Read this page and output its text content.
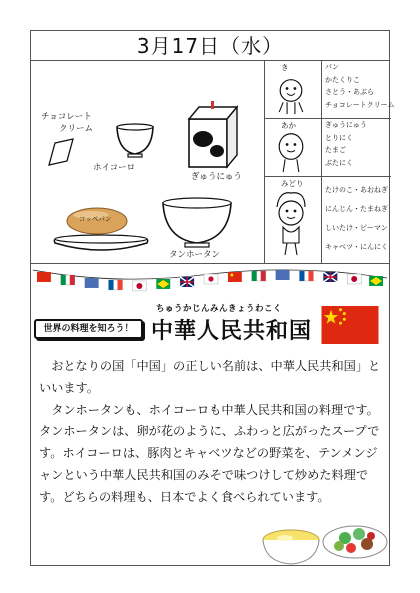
3月17日（水）
チョコレート
クリーム
ホイコーロ
ぎゅうにゅう
コッペパン
タンホータン
き	パン
かたくりこ
さとう・あぶら
チョコレートクリーム
あか	ぎゅうにゅう
とりにく
たまご
ぶたにく
みどり
たけのこ・あおねぎ
にんじん・たまねぎ
しいたけ・ピーマン
キャベツ・にんにく
世界の料理を知ろう！
ちゅうかじんみんきょうわこく
中華人民共和国

おとなりの国「中国」の正しい名前は、中華人民共和国」といいます。

タンホータンも、ホイコーロも中華人民共和国の料理です。タンホータンは、卵が花のように、ふわっと広がったスープです。ホイコーロは、豚肉とキャベツなどの野菜を、テンメンジャンという中華人民共和国のみそで味つけして炒めた料理です。どちらの料理も、日本でよく食べられています。
